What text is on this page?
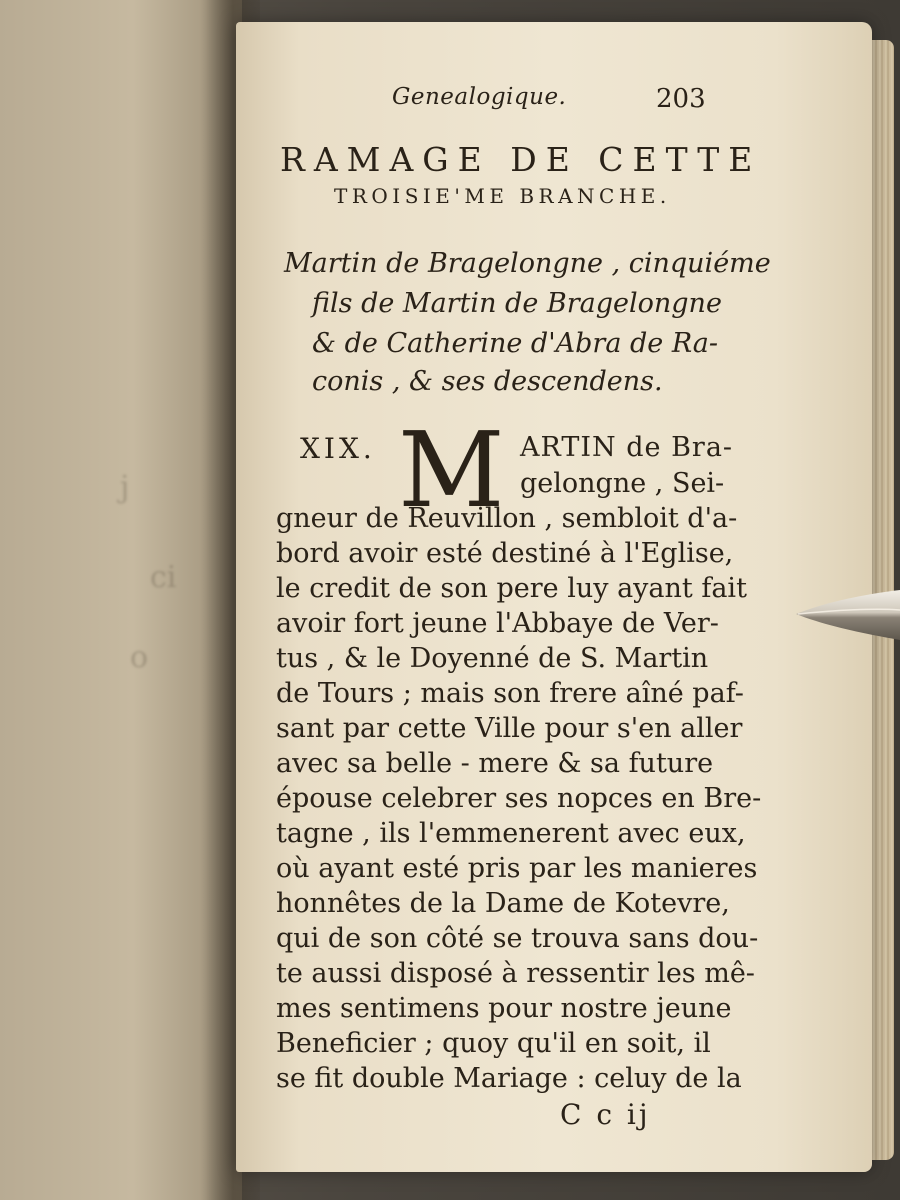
j
ci
o
Genealogique.	203
RAMAGE DE CETTE
TROISIE'ME BRANCHE.
Martin de Bragelongne , cinquiéme
fils de Martin de Bragelongne
& de Catherine d'Abra de Ra-
conis , & ses descendens.
XIX. M ARTIN de Bra-
gelongne , Sei-
gneur de Reuvillon , sembloit d'a-
bord avoir esté destiné à l'Eglise,
le credit de son pere luy ayant fait
avoir fort jeune l'Abbaye de Ver-
tus , & le Doyenné de S. Martin
de Tours ; mais son frere aîné paf-
sant par cette Ville pour s'en aller
avec sa belle - mere & sa future
épouse celebrer ses nopces en Bre-
tagne , ils l'emmenerent avec eux,
où ayant esté pris par les manieres
honnêtes de la Dame de Kotevre,
qui de son côté se trouva sans dou-
te aussi disposé à ressentir les mê-
mes sentimens pour nostre jeune
Beneficier ; quoy qu'il en soit, il
se fit double Mariage : celuy de la
C c ij
